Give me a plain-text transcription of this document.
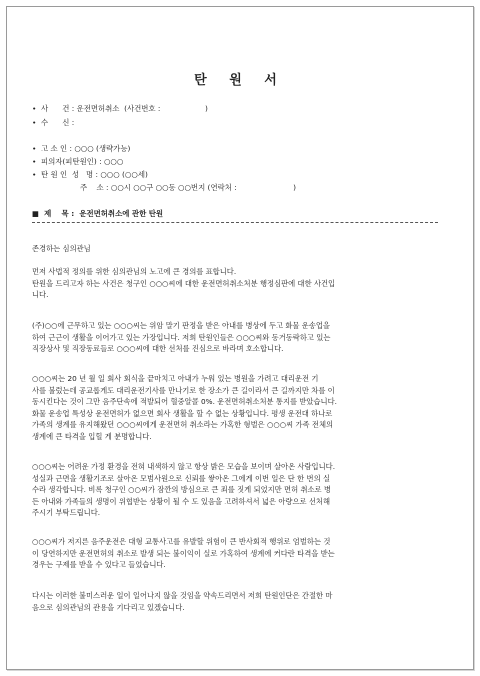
탄 원 서
• 사      건 : 운전면허취소  (사건번호 :                   )
• 수      신 :
• 고 소 인 : ○○○ (생략가능)
• 피의자(피탄원인) : ○○○
• 탄 원 인  성   명 : ○○○ (○○세)
주    소 : ○○시 ○○구 ○○동 ○○번지 (연락처 :                        )
■  제    목 :  운전면허취소에 관한 탄원
존경하는 심의관님
먼저 사법적 정의를 위한 심의관님의 노고에 큰 경의를 표합니다.
탄원을 드리고자 하는 사건은 청구인 ○○○씨에 대한 운전면허취소처분 행정심판에 대한 사건입
니다.
(주)○○에 근무하고 있는 ○○○씨는 위암 말기 판정을 받은 아내를 병상에 두고 화물 운송업을
하여 근근이 생활을 이어가고 있는 가장입니다. 저희 탄원인들은 ○○○씨와 동거동락하고 있는
직장상사 및 직장동료들로 ○○○씨에 대한 선처를 진심으로 바라며 호소합니다.
○○○씨는 20 년 월 일 회사 회식을 끝마치고 아내가 누워 있는 병원을 가려고 대리운전 기
사를 불렀는데 공교롭게도 대리운전기사를 만나기로 한 장소가 큰 길이라서 큰 길까지만 차를 이
동시킨다는 것이 그만 음주단속에 적발되어 혈중알콜 0%. 운전면허취소처분 통지를 받았습니다.
화물 운송업 특성상 운전면허가 없으면 회사 생활을 할 수 없는 상황입니다. 평생 운전대 하나로
가족의 생계를 유지해왔던 ○○○씨에게 운전면허 취소라는 가혹한 형벌은 ○○○씨 가족 전체의
생계에 큰 타격을 입힐 게 분명합니다.
○○○씨는 어려운 가정 환경을 전혀 내색하지 않고 항상 밝은 모습을 보이며 살아온 사람입니다.
성실과 근면을 생활기조로 살아온 모범사원으로 신뢰를 쌓아온 그에게 이번 일은 단 한 번의 실
수라 생각합니다. 비록 청구인 ○○씨가 잠깐의 방심으로 큰 죄를 짓게 되었지만 면허 취소로 병
든 아내와 가족들의 생명이 위협받는 상황이 될 수 도 있음을 고려하셔서 넓은 아량으로 선처해
주시기 부탁드립니다.
○○○씨가 저지른 음주운전은 대형 교통사고를 유발할 위험이 큰 반사회적 행위로 엄벌하는 것
이 당연하지만 운전면허의 취소로 발생 되는 불이익이 실로 가혹하여 생계에 커다란 타격을 받는
경우는 구제를 받을 수 있다고 들었습니다.
다시는 이러한 불미스러운 일이 일어나지 않을 것임을 약속드리면서 저희 탄원인단은 간절한 마
음으로 심의관님의 관용을 기다리고 있겠습니다.
